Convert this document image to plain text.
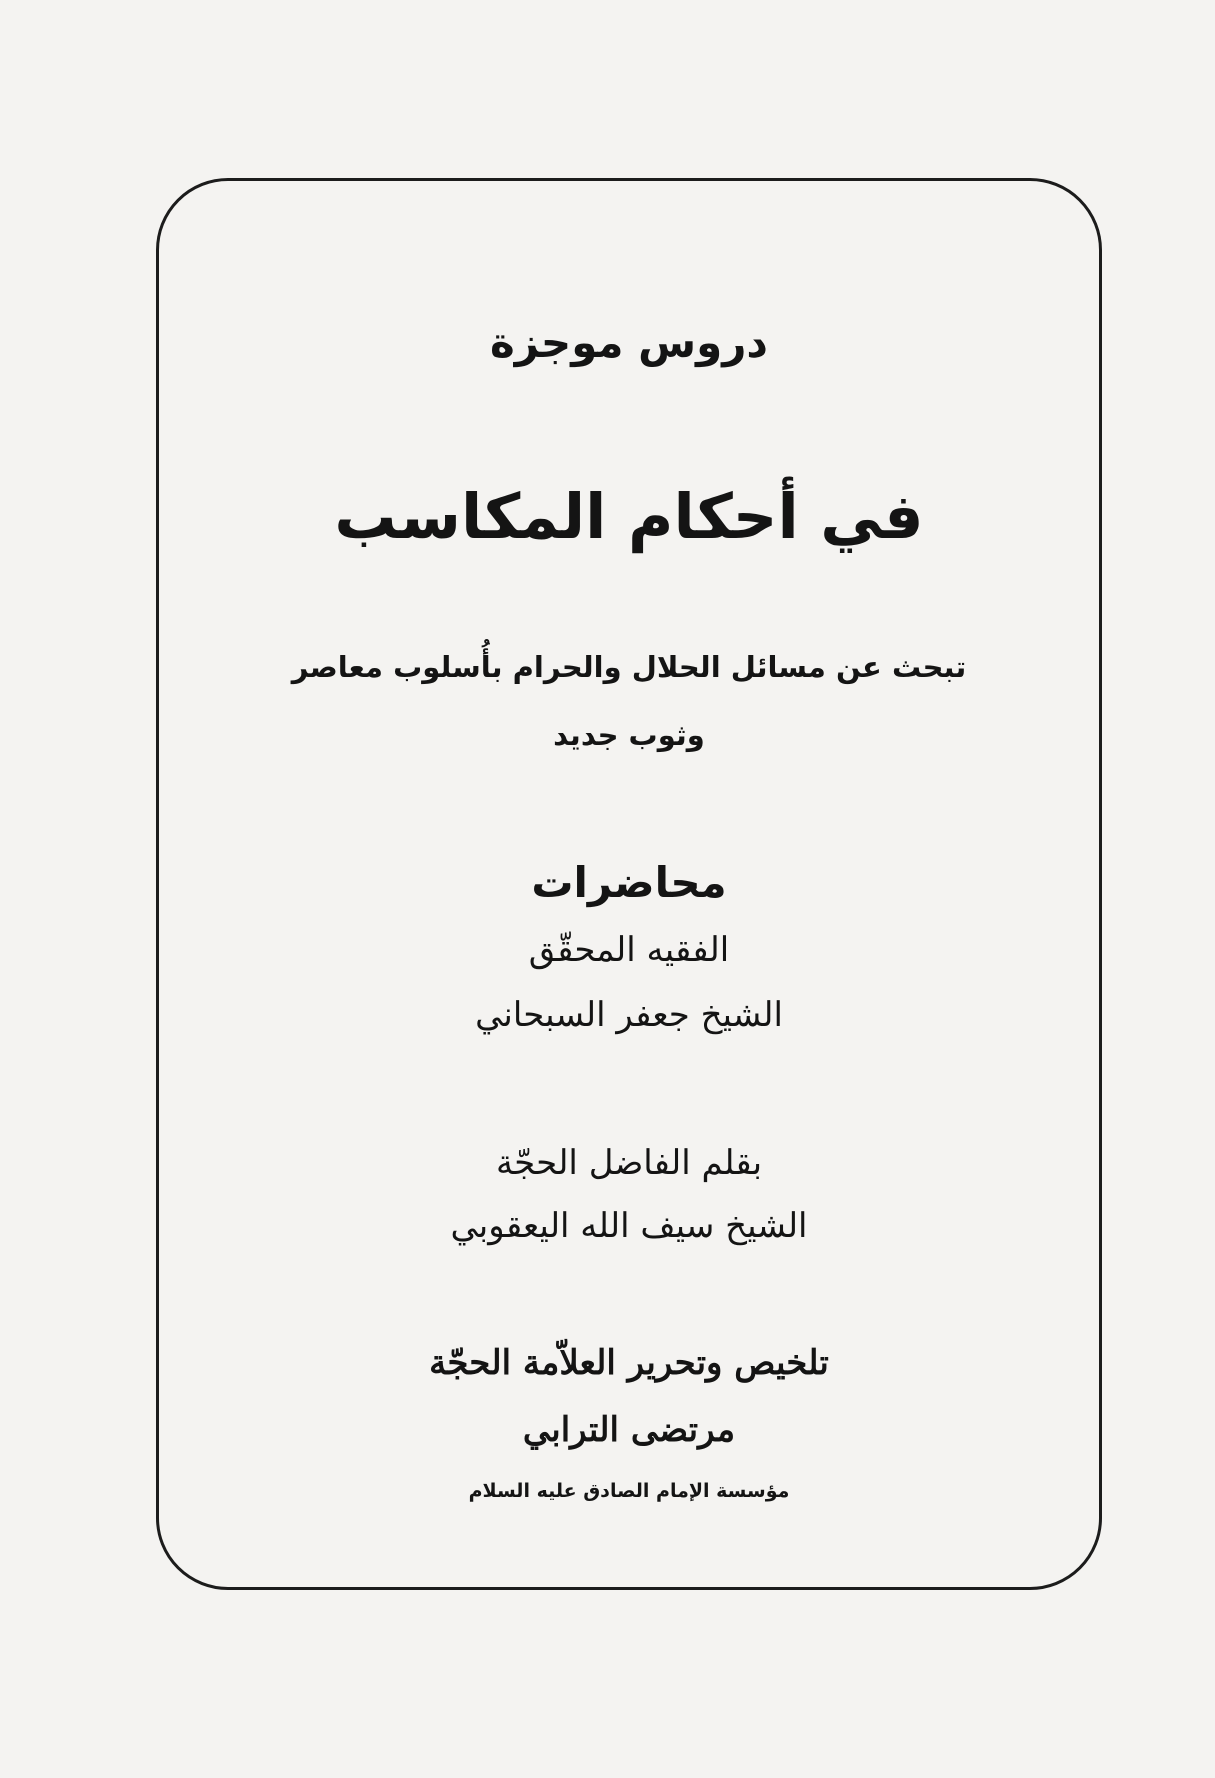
دروس موجزة
في أحكام المكاسب
تبحث عن مسائل الحلال والحرام بأُسلوب معاصر
وثوب جديد
محاضرات
الفقيه المحقّق
الشيخ جعفر السبحاني
بقلم الفاضل الحجّة
الشيخ سيف الله اليعقوبي
تلخيص وتحرير العلاّمة الحجّة
مرتضى الترابي
مؤسسة الإمام الصادق عليه السلام
